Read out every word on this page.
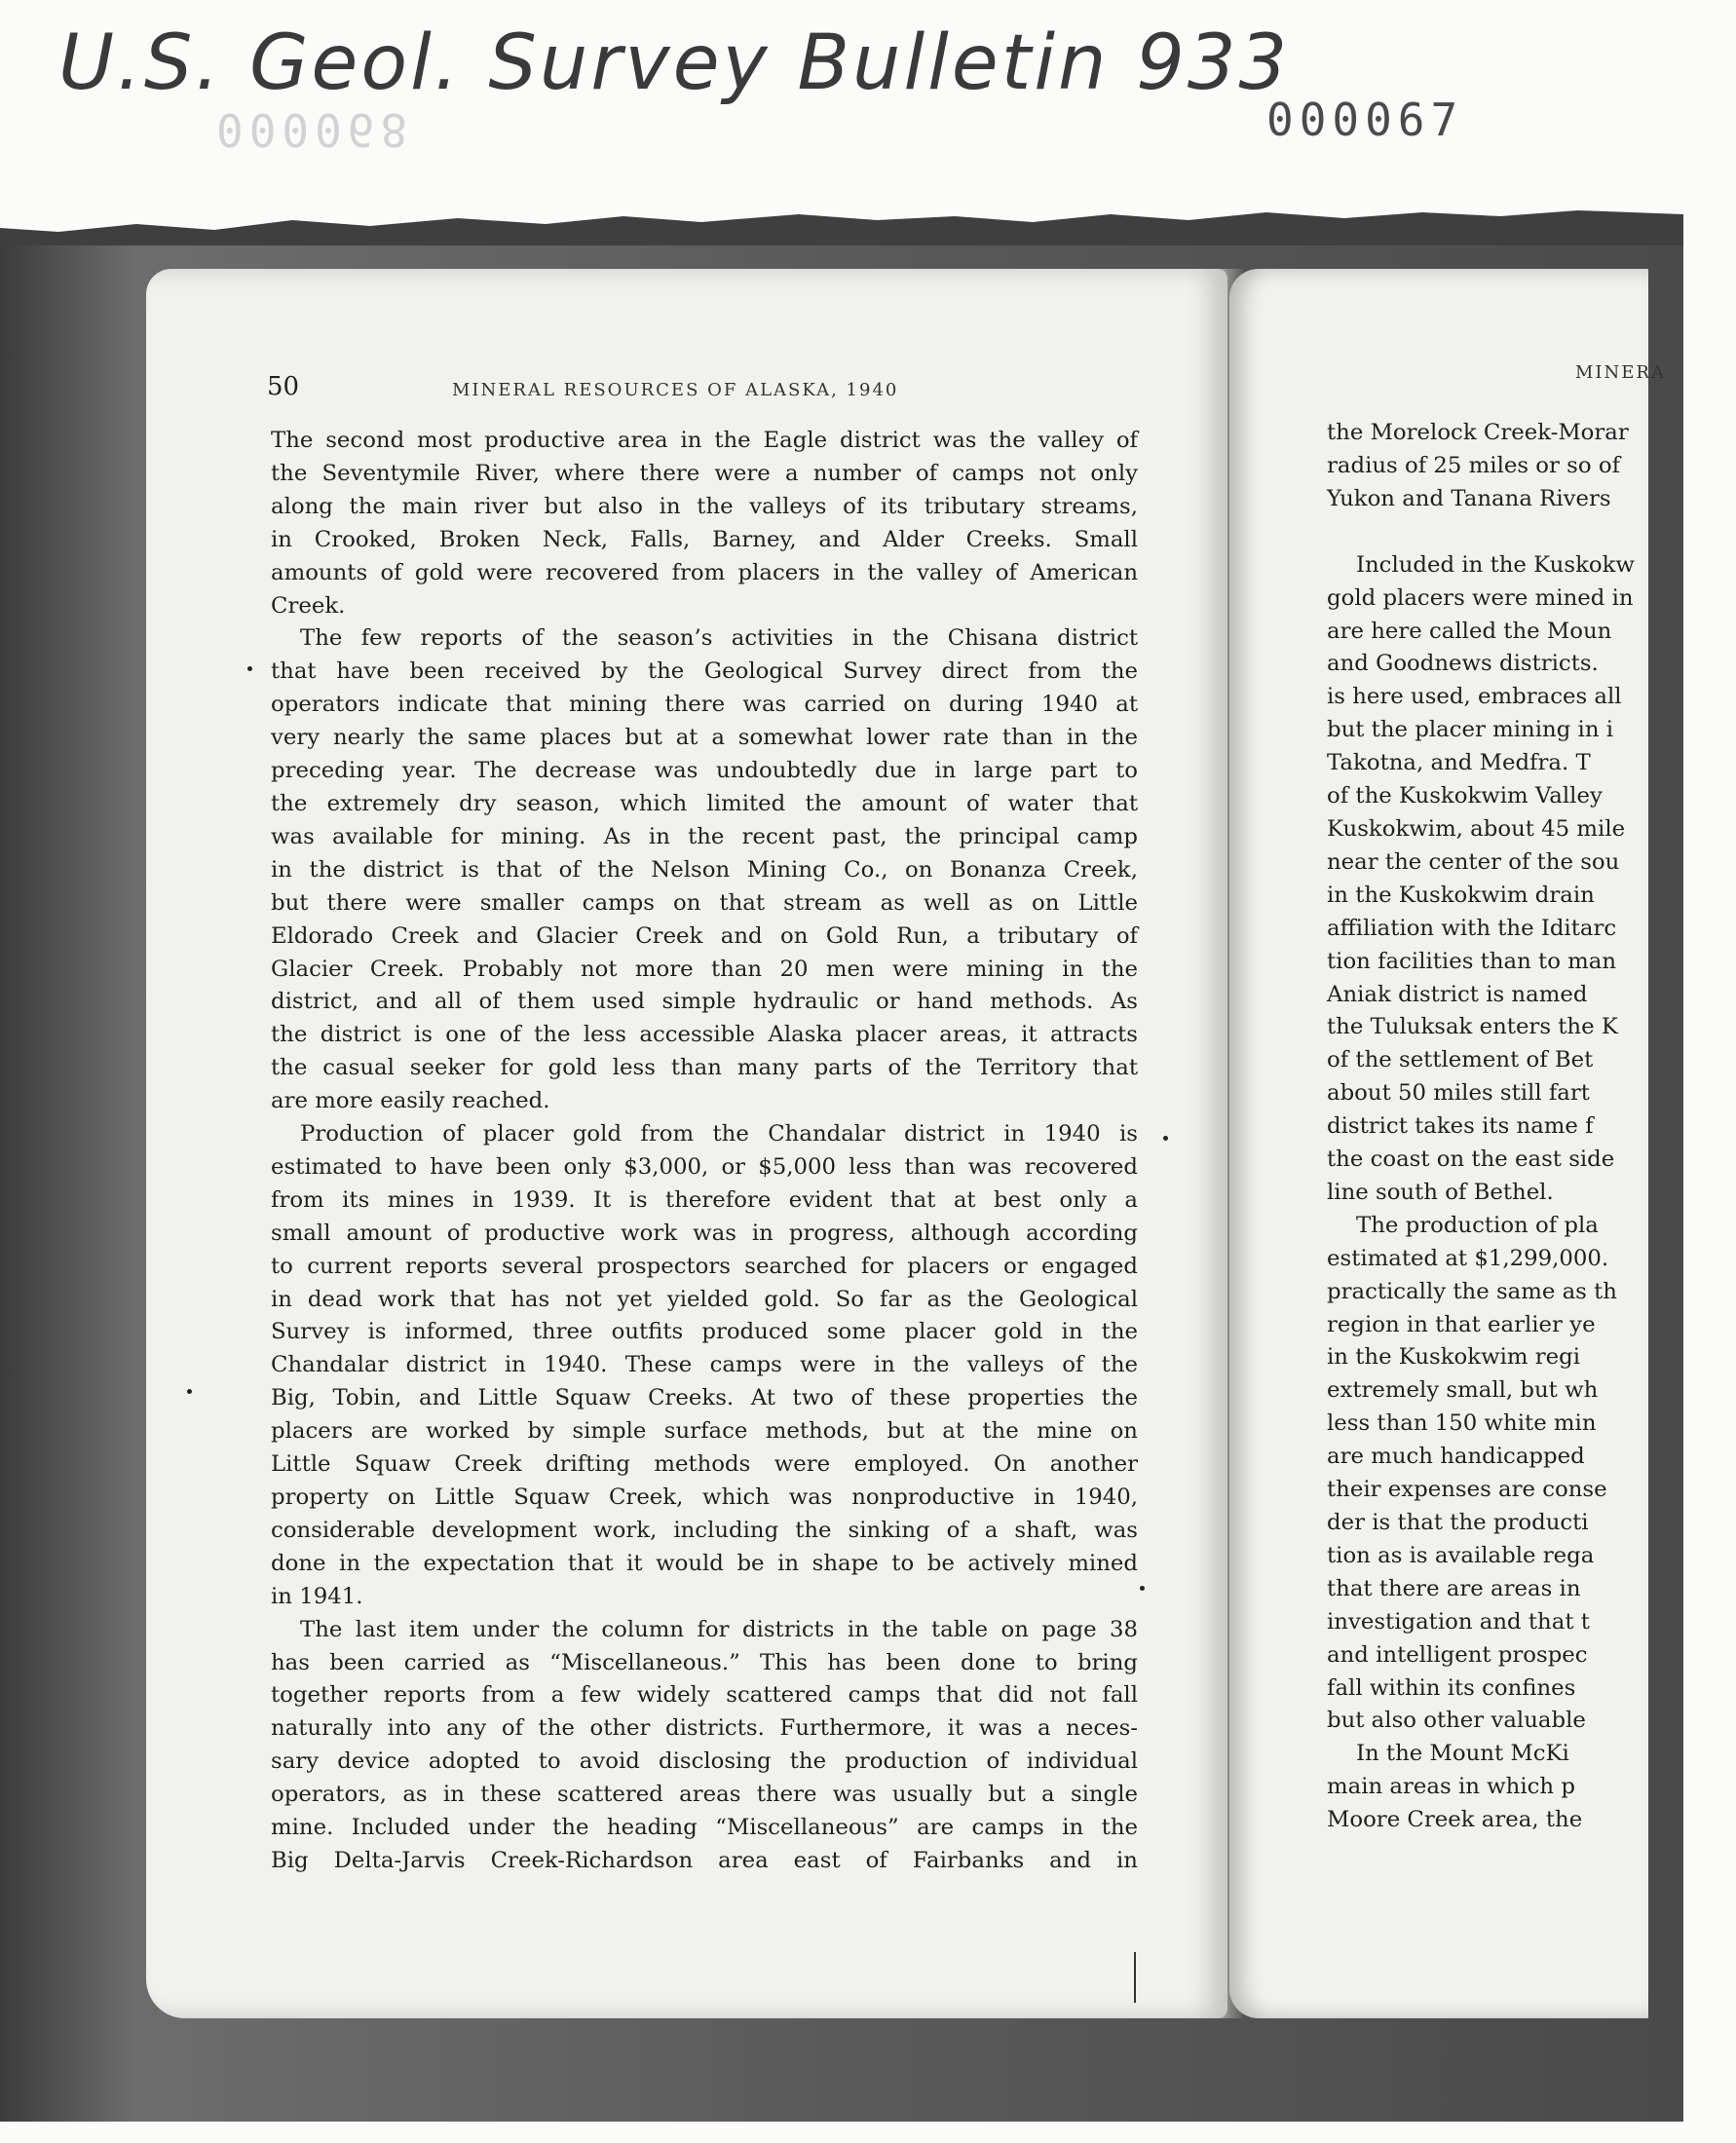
U.S. Geol. Survey Bulletin 933
000068	000067
50	MINERAL RESOURCES OF ALASKA, 1940
The second most productive area in the Eagle district was the valley of
the Seventymile River, where there were a number of camps not only
along the main river but also in the valleys of its tributary streams,
in Crooked, Broken Neck, Falls, Barney, and Alder Creeks. Small
amounts of gold were recovered from placers in the valley of American
Creek.
The few reports of the season’s activities in the Chisana district
that have been received by the Geological Survey direct from the
operators indicate that mining there was carried on during 1940 at
very nearly the same places but at a somewhat lower rate than in the
preceding year. The decrease was undoubtedly due in large part to
the extremely dry season, which limited the amount of water that
was available for mining. As in the recent past, the principal camp
in the district is that of the Nelson Mining Co., on Bonanza Creek,
but there were smaller camps on that stream as well as on Little
Eldorado Creek and Glacier Creek and on Gold Run, a tributary of
Glacier Creek. Probably not more than 20 men were mining in the
district, and all of them used simple hydraulic or hand methods. As
the district is one of the less accessible Alaska placer areas, it attracts
the casual seeker for gold less than many parts of the Territory that
are more easily reached.
Production of placer gold from the Chandalar district in 1940 is
estimated to have been only $3,000, or $5,000 less than was recovered
from its mines in 1939. It is therefore evident that at best only a
small amount of productive work was in progress, although according
to current reports several prospectors searched for placers or engaged
in dead work that has not yet yielded gold. So far as the Geological
Survey is informed, three outfits produced some placer gold in the
Chandalar district in 1940. These camps were in the valleys of the
Big, Tobin, and Little Squaw Creeks. At two of these properties the
placers are worked by simple surface methods, but at the mine on
Little Squaw Creek drifting methods were employed. On another
property on Little Squaw Creek, which was nonproductive in 1940,
considerable development work, including the sinking of a shaft, was
done in the expectation that it would be in shape to be actively mined
in 1941.
The last item under the column for districts in the table on page 38
has been carried as “Miscellaneous.” This has been done to bring
together reports from a few widely scattered camps that did not fall
naturally into any of the other districts. Furthermore, it was a neces-
sary device adopted to avoid disclosing the production of individual
operators, as in these scattered areas there was usually but a single
mine. Included under the heading “Miscellaneous” are camps in the
Big Delta-Jarvis Creek-Richardson area east of Fairbanks and in
MINERA
the Morelock Creek-Morar
radius of 25 miles or so of
Yukon and Tanana Rivers
Included in the Kuskokw
gold placers were mined in
are here called the Moun
and Goodnews districts.
is here used, embraces all
but the placer mining in i
Takotna, and Medfra. T
of the Kuskokwim Valley
Kuskokwim, about 45 mile
near the center of the sou
in the Kuskokwim drain
affiliation with the Iditarc
tion facilities than to man
Aniak district is named
the Tuluksak enters the K
of the settlement of Bet
about 50 miles still fart
district takes its name f
the coast on the east side
line south of Bethel.
The production of pla
estimated at $1,299,000.
practically the same as th
region in that earlier ye
in the Kuskokwim regi
extremely small, but wh
less than 150 white min
are much handicapped
their expenses are conse
der is that the producti
tion as is available rega
that there are areas in
investigation and that t
and intelligent prospec
fall within its confines
but also other valuable
In the Mount McKi
main areas in which p
Moore Creek area, the
